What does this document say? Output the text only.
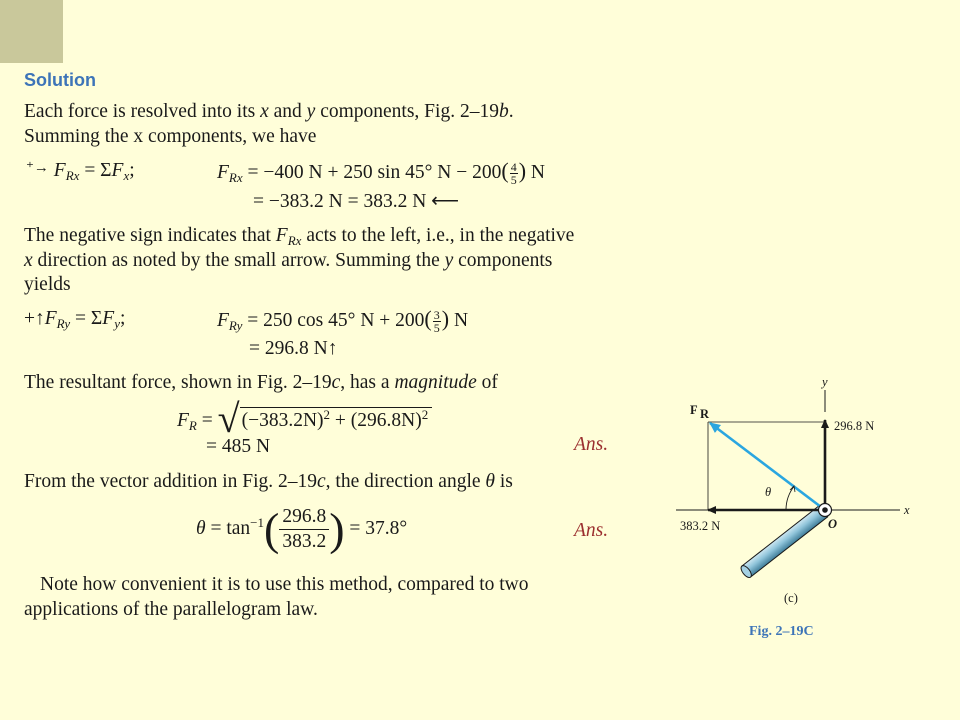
Solution
Each force is resolved into its x and y components, Fig. 2–19b.
Summing the x components, we have
⁺→ $F_{Rx} = \Sigma F_x$;	$F_{Rx} = -400$ N + 250 sin 45° $N - 200( \frac{4}{5}$ ) N
= −383.2 N = 383.2 N ⟵
The negative sign indicates that $F_{Rx}$ acts to the left, i.e., in the negative
x direction as noted by the small arrow. Summing the y components
yields
$+↑F_{Ry} = \Sigma F_y$;	$F_{Ry} = 250$ cos 45° $N + 200( \frac{3}{5}$ ) N
= 296.8 N↑
The resultant force, shown in Fig. 2–19c, has a magnitude of
$F_R$ = √ $(-383.2N)^2 + (296.8N)^2$
= 485 N	Ans.
From the vector addition in Fig. 2–19c, the direction angle θ is
$\theta = \tan^{-1}( \frac{296.8}{383.2}$ ) = 37.8°	Ans.
Note how convenient it is to use this method, compared to two
applications of the parallelogram law.
F R
y
x
O
θ
296.8 N
383.2 N
(c)
Fig. 2–19C
